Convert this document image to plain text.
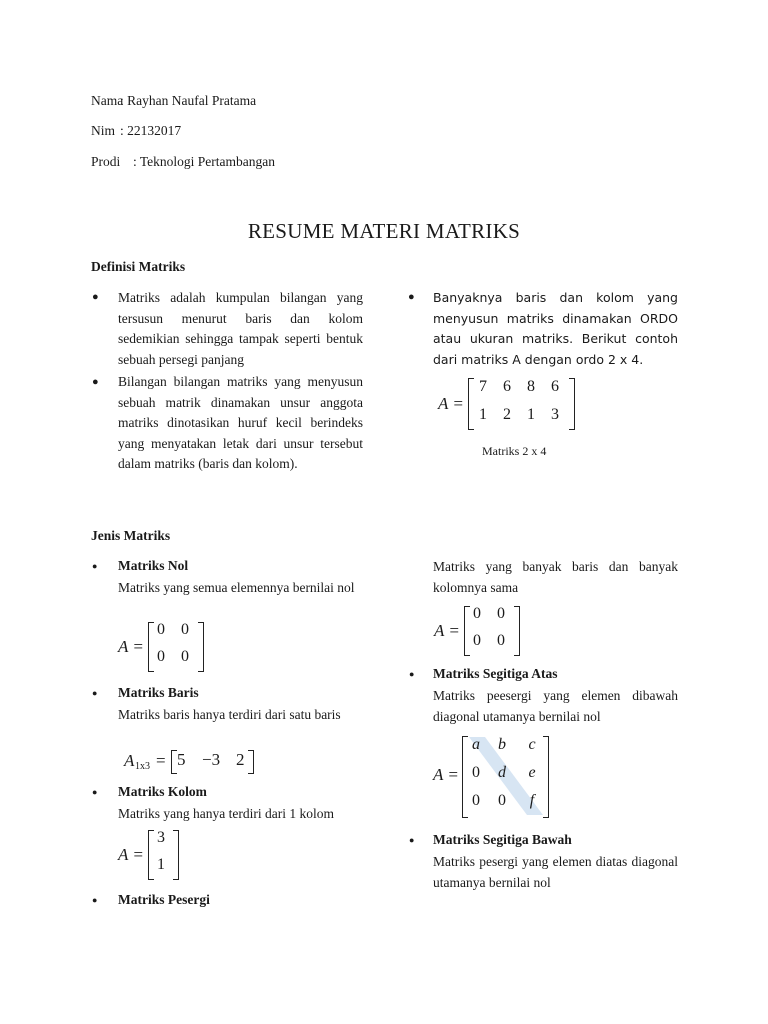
Nama
: Rayhan Naufal Pratama
Nim : 22132017
Prodi : Teknologi Pertambangan
RESUME MATERI MATRIKS
Definisi Matriks
● Matriks adalah kumpulan bilangan yang tersusun menurut baris dan kolom sedemikian sehingga tampak seperti bentuk sebuah persegi panjang
● Bilangan bilangan matriks yang menyusun sebuah matrik dinamakan unsur anggota matriks dinotasikan huruf kecil berindeks yang menyatakan letak dari unsur tersebut dalam matriks (baris dan kolom).
● Banyaknya baris dan kolom yang menyusun matriks dinamakan ORDO atau ukuran matriks. Berikut contoh dari matriks A dengan ordo 2 x 4.
A =
7	6	8	6
1	2	1	3
Matriks 2 x 4
Jenis Matriks
● Matriks Nol
Matriks yang semua elemennya bernilai nol
A =
0	0
0	0
● Matriks Baris
Matriks baris hanya terdiri dari satu baris
A 1x3 = 5 −3 2
● Matriks Kolom
Matriks yang hanya terdiri dari 1 kolom
A =
3
1
● Matriks Pesergi
Matriks yang banyak baris dan banyak kolomnya sama
A =
0	0
0	0
● Matriks Segitiga Atas
Matriks peesergi yang elemen dibawah diagonal utamanya bernilai nol
A =
a	b	c
0	d	e
0	0	f
● Matriks Segitiga Bawah
Matriks pesergi yang elemen diatas diagonal utamanya bernilai nol
